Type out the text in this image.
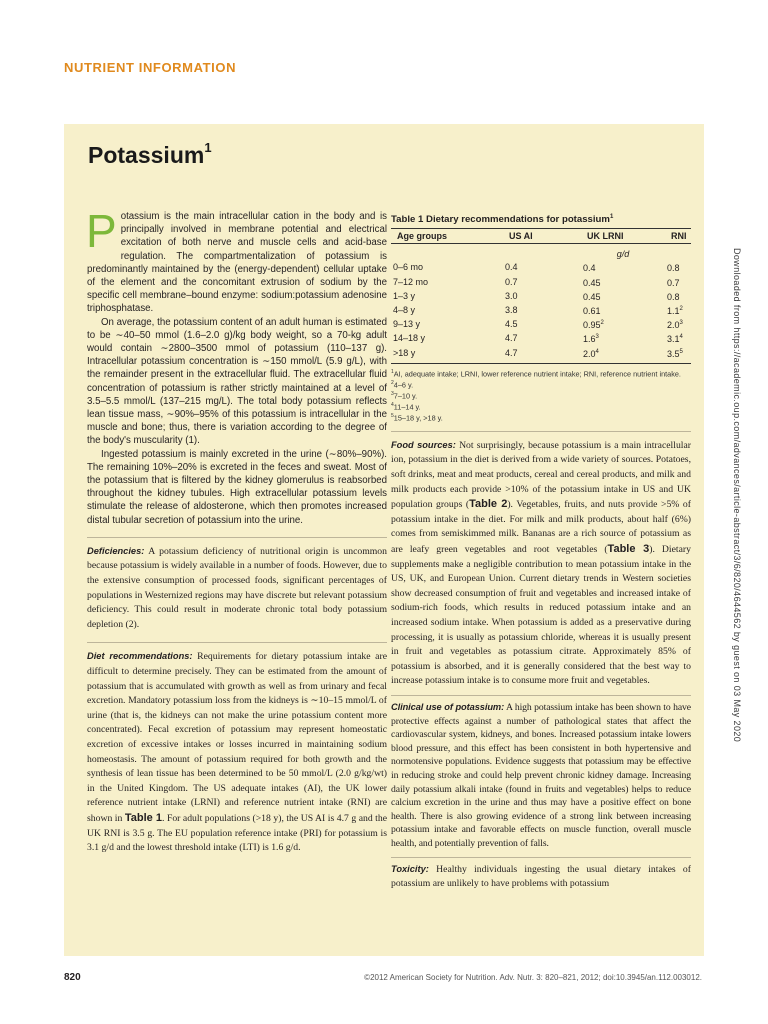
NUTRIENT INFORMATION
Potassium$^1$

Potassium is the main intracellular cation in the body and is principally involved in membrane potential and electrical excitation of both nerve and muscle cells and acid-base regulation. The compartmentalization of potassium is predominantly maintained by the (energy-dependent) cellular uptake of the element and the concomitant extrusion of sodium by the specific cell membrane–bound enzyme: sodium:potassium adenosine triphosphatase.

On average, the potassium content of an adult human is estimated to be ∼40–50 mmol (1.6–2.0 g)/kg body weight, so a 70-kg adult would contain ∼2800–3500 mmol of potassium (110–137 g). Intracellular potassium concentration is ∼150 mmol/L (5.9 g/L), with the remainder present in the extracellular fluid. The extracellular fluid concentration of potassium is rather strictly maintained at a level of 3.5–5.5 mmol/L (137–215 mg/L). The total body potassium reflects lean tissue mass, ∼90%–95% of this potassium is intracellular in the muscle and bone; thus, there is variation according to the degree of the body's muscularity (1).

Ingested potassium is mainly excreted in the urine (∼80%–90%). The remaining 10%–20% is excreted in the feces and sweat. Most of the potassium that is filtered by the kidney glomerulus is reabsorbed throughout the kidney tubules. High extracellular potassium levels stimulate the release of aldosterone, which then promotes increased distal tubular secretion of potassium into the urine.

Deficiencies: A potassium deficiency of nutritional origin is uncommon because potassium is widely available in a number of foods. However, due to the extensive consumption of processed foods, significant percentages of populations in Westernized regions may have discrete but relevant potassium deficiency. This could result in moderate chronic total body potassium depletion (2).

Diet recommendations: Requirements for dietary potassium intake are difficult to determine precisely. They can be estimated from the amount of potassium that is accumulated with growth as well as from urinary and fecal excretion. Mandatory potassium loss from the kidneys is ∼10–15 mmol/L of urine (that is, the kidneys can not make the urine potassium content more concentrated). Fecal excretion of potassium may represent homeostatic excretion of excessive intakes or losses incurred in maintaining sodium homeostasis. The amount of potassium required for both growth and the synthesis of lean tissue has been determined to be 50 mmol/L (2.0 g/kg/wt) in the United Kingdom. The US adequate intakes (AI), the UK lower reference nutrient intake (LRNI) and reference nutrient intake (RNI) are shown in Table 1. For adult populations (>18 y), the US AI is 4.7 g and the UK RNI is 3.5 g. The EU population reference intake (PRI) for potassium is 3.1 g/d and the lowest threshold intake (LTI) is 1.6 g/d.

Table 1 Dietary recommendations for potassium$^1$
Age groups	US AI	UK LRNI	RNI
		g/d	
0–6 mo	0.4	0.4	0.8
7–12 mo	0.7	0.45	0.7
1–3 y	3.0	0.45	0.8
4–8 y	3.8	0.61	$1.1^2$
9–13 y	4.5	0.95$^2$	$2.0^3$
14–18 y	4.7	$1.6^3$	$3.1^4$
>18 y	4.7	$2.0^4$	$3.5^5$
$^1$AI, adequate intake; LRNI, lower reference nutrient intake; RNI, reference nutrient intake.
$^2$4–6 y.
$^3$7–10 y.
$^4$11–14 y.
$^5$15–18 y, >18 y.

Food sources: Not surprisingly, because potassium is a main intracellular ion, potassium in the diet is derived from a wide variety of sources. Potatoes, soft drinks, meat and meat products, cereal and cereal products, and milk and milk products each provide >10% of the potassium intake in US and UK population groups (Table 2). Vegetables, fruits, and nuts provide >5% of potassium intake in the diet. For milk and milk products, about half (6%) comes from semiskimmed milk. Bananas are a rich source of potassium as are leafy green vegetables and root vegetables (Table 3). Dietary supplements make a negligible contribution to mean potassium intake in the US, UK, and European Union. Current dietary trends in Western societies show decreased consumption of fruit and vegetables and increased intake of sodium-rich foods, which results in reduced potassium intake and an increased sodium intake. When potassium is added as a preservative during processing, it is usually as potassium chloride, whereas it is usually present in fruit and vegetables as potassium citrate. Approximately 85% of potassium is absorbed, and it is generally considered that the best way to increase potassium intake is to consume more fruit and vegetables.

Clinical use of potassium: A high potassium intake has been shown to have protective effects against a number of pathological states that affect the cardiovascular system, kidneys, and bones. Increased potassium intake lowers blood pressure, and this effect has been consistent in both hypertensive and normotensive populations. Evidence suggests that potassium may be effective in reducing stroke and could help prevent chronic kidney damage. Increasing daily potassium alkali intake (found in fruits and vegetables) helps to reduce calcium excretion in the urine and thus may have a positive effect on bone health. There is also growing evidence of a strong link between increasing potassium intake and favorable effects on muscle function, overall muscle health, and potentially prevention of falls.

Toxicity: Healthy individuals ingesting the usual dietary intakes of potassium are unlikely to have problems with potassium

Downloaded from https://academic.oup.com/advances/article-abstract/3/6/820/4644562 by guest on 03 May 2020
820	©2012 American Society for Nutrition. Adv. Nutr. 3: 820–821, 2012; doi:10.3945/an.112.003012.
